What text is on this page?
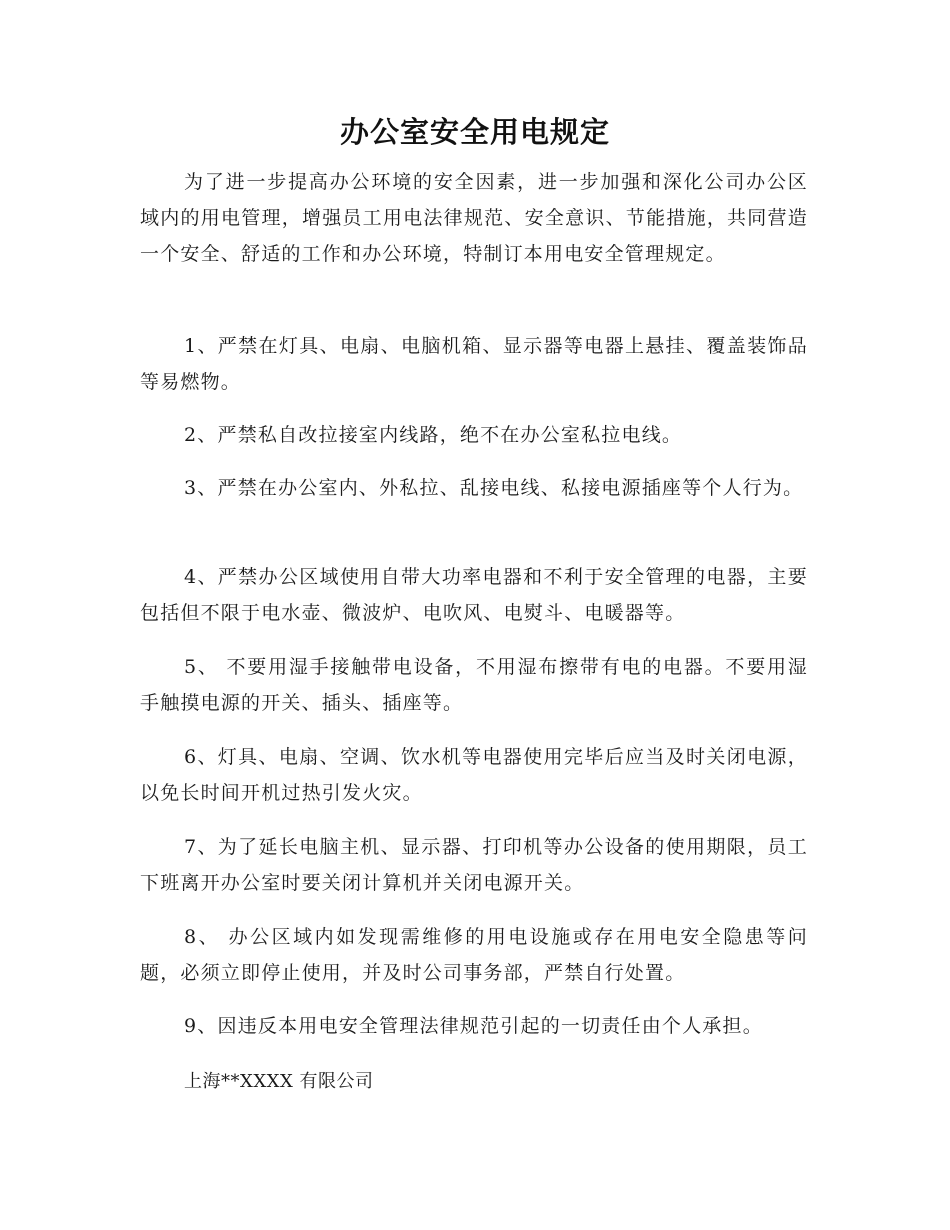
办公室安全用电规定

为了进一步提高办公环境的安全因素，进一步加强和深化公司办公区域内的用电管理，增强员工用电法律规范、安全意识、节能措施，共同营造一个安全、舒适的工作和办公环境，特制订本用电安全管理规定。

1、严禁在灯具、电扇、电脑机箱、显示器等电器上悬挂、覆盖装饰品等易燃物。

2、严禁私自改拉接室内线路，绝不在办公室私拉电线。

3、严禁在办公室内、外私拉、乱接电线、私接电源插座等个人行为。

4、严禁办公区域使用自带大功率电器和不利于安全管理的电器，主要包括但不限于电水壶、微波炉、电吹风、电熨斗、电暖器等。

5、 不要用湿手接触带电设备，不用湿布擦带有电的电器。不要用湿手触摸电源的开关、插头、插座等。

6、灯具、电扇、空调、饮水机等电器使用完毕后应当及时关闭电源，以免长时间开机过热引发火灾。

7、为了延长电脑主机、显示器、打印机等办公设备的使用期限，员工下班离开办公室时要关闭计算机并关闭电源开关。

8、 办公区域内如发现需维修的用电设施或存在用电安全隐患等问题，必须立即停止使用，并及时公司事务部，严禁自行处置。

9、因违反本用电安全管理法律规范引起的一切责任由个人承担。

上海**XXXX 有限公司
